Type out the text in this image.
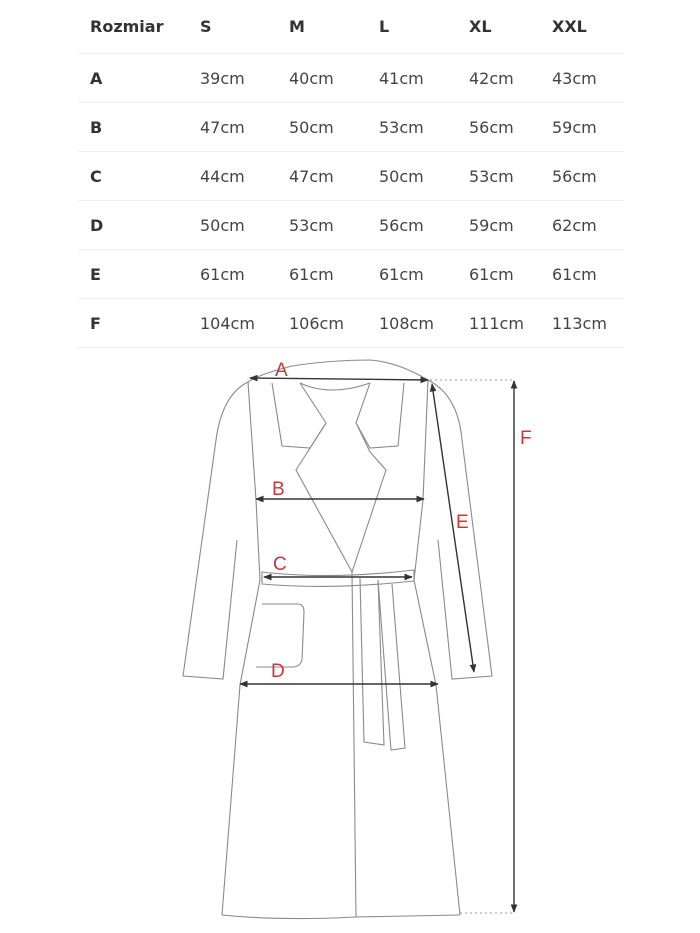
Rozmiar	S	M	L	XL	XXL
A	39cm	40cm	41cm	42cm	43cm
B	47cm	50cm	53cm	56cm	59cm
C	44cm	47cm	50cm	53cm	56cm
D	50cm	53cm	56cm	59cm	62cm
E	61cm	61cm	61cm	61cm	61cm
F	104cm	106cm	108cm	111cm	113cm
A
B
C
D
E
F
